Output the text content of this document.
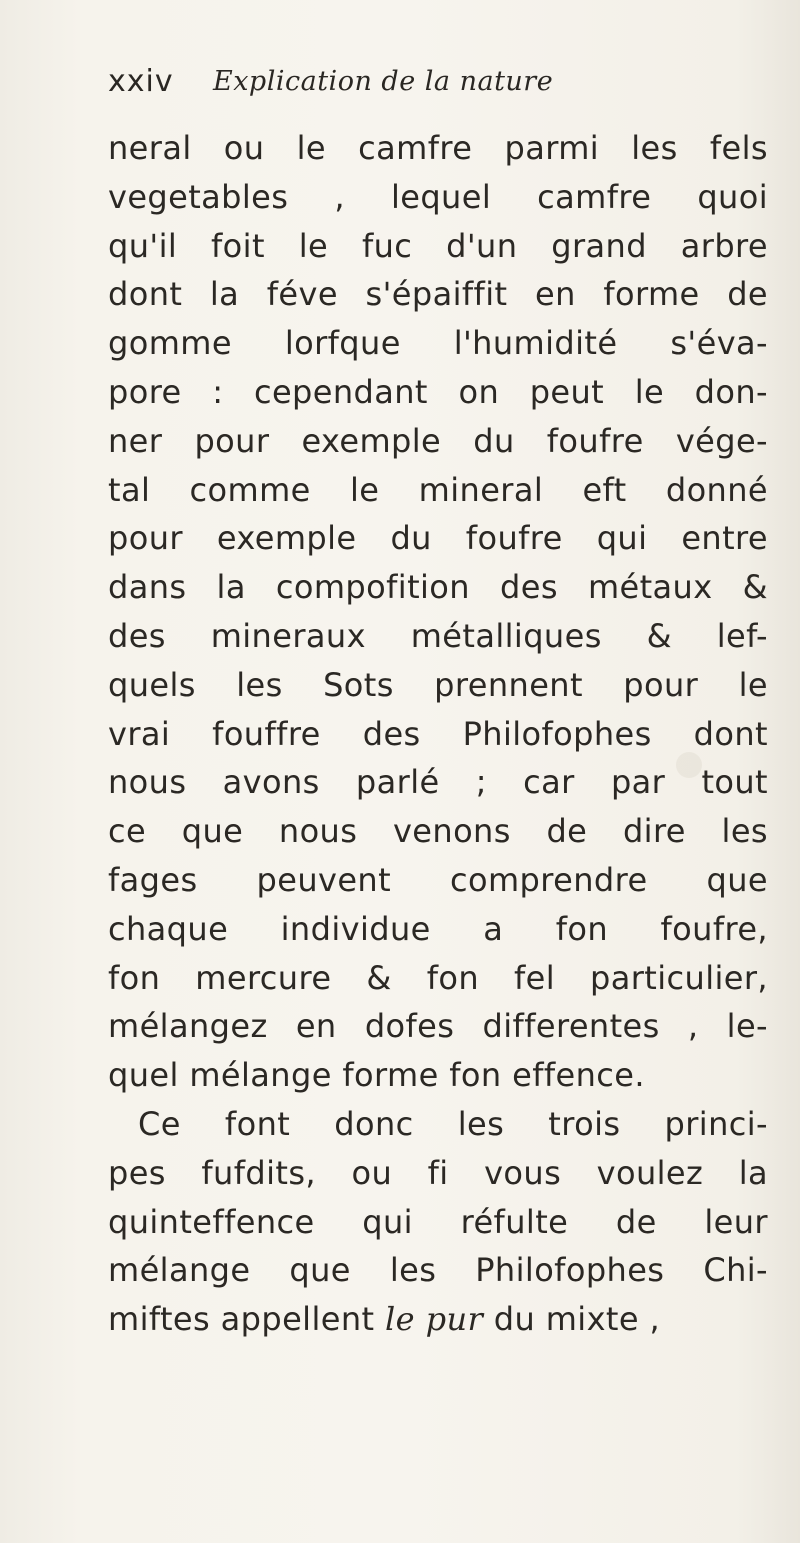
xxiv Explication de la nature
neral ou le camfre parmi les fels
vegetables , lequel camfre quoi
qu'il foit le fuc d'un grand arbre
dont la féve s'épaiffit en forme de
gomme lorfque l'humidité s'éva-
pore : cependant on peut le don-
ner pour exemple du foufre vége-
tal comme le mineral eft donné
pour exemple du foufre qui entre
dans la compofition des métaux &
des mineraux métalliques & lef-
quels les Sots prennent pour le
vrai fouffre des Philofophes dont
nous avons parlé ; car par tout
ce que nous venons de dire les
fages peuvent comprendre que
chaque individue a fon foufre,
fon mercure & fon fel particulier,
mélangez en dofes differentes , le-
quel mélange forme fon effence.
Ce font donc les trois princi-
pes fufdits, ou fi vous voulez la
quinteffence qui réfulte de leur
mélange que les Philofophes Chi-
miftes appellent le pur du mixte ,
